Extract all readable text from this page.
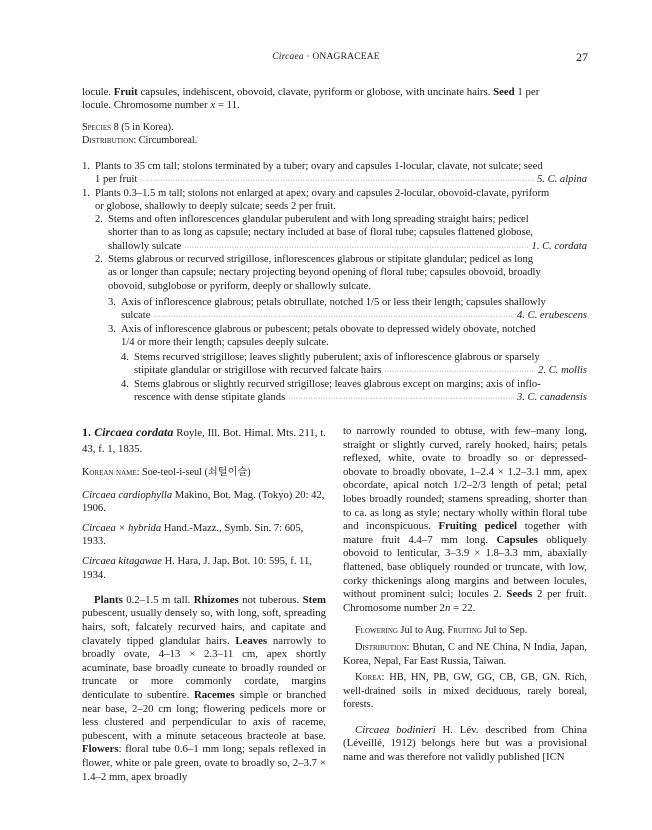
Circaea · ONAGRACEAE	27
locule. Fruit capsules, indehiscent, obovoid, clavate, pyriform or globose, with uncinate hairs. Seed 1 per
locule. Chromosome number x = 11.
Species 8 (5 in Korea).
Distribution: Circumboreal.
1. Plants to 35 cm tall; stolons terminated by a tuber; ovary and capsules 1-locular, clavate, not sulcate; seed
1 per fruit ·····	5. C. alpina
1. Plants 0.3–1.5 m tall; stolons not enlarged at apex; ovary and capsules 2-locular, obovoid-clavate, pyriform
or globose, shallowly to deeply sulcate; seeds 2 per fruit.
2. Stems and often inflorescences glandular puberulent and with long spreading straight hairs; pedicel
shorter than to as long as capsule; nectary included at base of floral tube; capsules flattened globose,
shallowly sulcate ·····	1. C. cordata
2. Stems glabrous or recurved strigillose, inflorescences glabrous or stipitate glandular; pedicel as long
as or longer than capsule; nectary projecting beyond opening of floral tube; capsules obovoid, broadly
obovoid, subglobose or pyriform, deeply or shallowly sulcate.
3. Axis of inflorescence glabrous; petals obtrullate, notched 1/5 or less their length; capsules shallowly
sulcate ·····	4. C. erubescens
3. Axis of inflorescence glabrous or pubescent; petals obovate to depressed widely obovate, notched
1/4 or more their length; capsules deeply sulcate.
4. Stems recurved strigillose; leaves slightly puberulent; axis of inflorescence glabrous or sparsely
stipitate glandular or strigillose with recurved falcate hairs ·····	2. C. mollis
4. Stems glabrous or slightly recurved strigillose; leaves glabrous except on margins; axis of inflo-
rescence with dense stipitate glands ·····	3. C. canadensis

1. Circaea cordata Royle, Ill. Bot. Himal. Mts. 211, t. 43, f. 1, 1835.

Korean name: Soe-teol-i-seul (쇠털이슬)

Circaea cardiophylla Makino, Bot. Mag. (Tokyo) 20: 42, 1906.

Circaea × hybrida Hand.-Mazz., Symb. Sin. 7: 605, 1933.

Circaea kitagawae H. Hara, J. Jap. Bot. 10: 595, f. 11, 1934.

Plants 0.2–1.5 m tall. Rhizomes not tuberous. Stem pubescent, usually densely so, with long, soft, spreading hairs, soft, falcately recurved hairs, and capitate and clavately tipped glandular hairs. Leaves narrowly to broadly ovate, 4–13 × 2.3–11 cm, apex shortly acuminate, base broadly cuneate to broadly rounded or truncate or more commonly cordate, margins denticulate to subentire. Racemes simple or branched near base, 2–20 cm long; flowering pedicels more or less clustered and perpendicular to axis of raceme, pubescent, with a minute setaceous bracteole at base. Flowers: floral tube 0.6–1 mm long; sepals reflexed in flower, white or pale green, ovate to broadly so, 2–3.7 × 1.4–2 mm, apex broadly

to narrowly rounded to obtuse, with few–many long, straight or slightly curved, rarely hooked, hairs; petals reflexed, white, ovate to broadly so or depressed-obovate to broadly obovate, 1–2.4 × 1.2–3.1 mm, apex obcordate, apical notch 1/2–2/3 length of petal; petal lobes broadly rounded; stamens spreading, shorter than to ca. as long as style; nectary wholly within floral tube and inconspicuous. Fruiting pedicel together with mature fruit 4.4–7 mm long. Capsules obliquely obovoid to lenticular, 3–3.9 × 1.8–3.3 mm, abaxially flattened, base obliquely rounded or truncate, with low, corky thickenings along margins and between locules, without prominent sulci; locules 2. Seeds 2 per fruit. Chromosome number 2n = 22.

Flowering Jul to Aug. Fruiting Jul to Sep.

Distribution: Bhutan, C and NE China, N India, Japan, Korea, Nepal, Far East Russia, Taiwan.

Korea: HB, HN, PB, GW, GG, CB, GB, GN. Rich, well-drained soils in mixed deciduous, rarely boreal, forests.

Circaea bodinieri H. Lév. described from China (Léveillé, 1912) belongs here but was a provisional name and was therefore not validly published [ICN
